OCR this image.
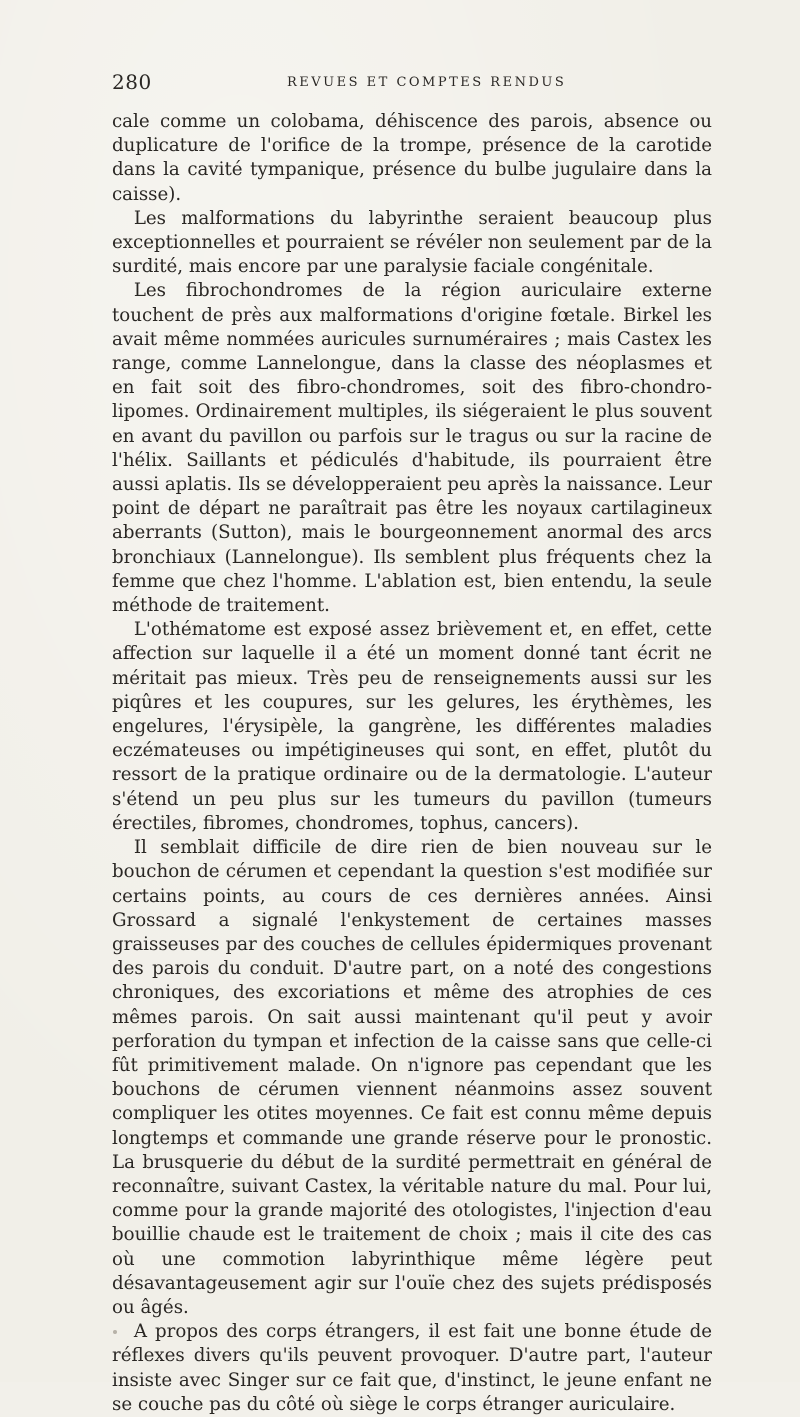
280	REVUES ET COMPTES RENDUS

cale comme un colobama, déhiscence des parois, absence ou duplicature de l'orifice de la trompe, présence de la carotide dans la cavité tympanique, présence du bulbe jugulaire dans la caisse).

Les malformations du labyrinthe seraient beaucoup plus exceptionnelles et pourraient se révéler non seulement par de la surdité, mais encore par une paralysie faciale congénitale.

Les fibrochondromes de la région auriculaire externe touchent de près aux malformations d'origine fœtale. Birkel les avait même nommées auricules surnuméraires ; mais Castex les range, comme Lannelongue, dans la classe des néoplasmes et en fait soit des fibro-chondromes, soit des fibro-chondro-lipomes. Ordinairement multiples, ils siégeraient le plus souvent en avant du pavillon ou parfois sur le tragus ou sur la racine de l'hélix. Saillants et pédiculés d'habitude, ils pourraient être aussi aplatis. Ils se développeraient peu après la naissance. Leur point de départ ne paraîtrait pas être les noyaux cartilagineux aberrants (Sutton), mais le bourgeonnement anormal des arcs bronchiaux (Lannelongue). Ils semblent plus fréquents chez la femme que chez l'homme. L'ablation est, bien entendu, la seule méthode de traitement.

L'othématome est exposé assez brièvement et, en effet, cette affection sur laquelle il a été un moment donné tant écrit ne méritait pas mieux. Très peu de renseignements aussi sur les piqûres et les coupures, sur les gelures, les érythèmes, les engelures, l'érysipèle, la gangrène, les différentes maladies eczémateuses ou impétigineuses qui sont, en effet, plutôt du ressort de la pratique ordinaire ou de la dermatologie. L'auteur s'étend un peu plus sur les tumeurs du pavillon (tumeurs érectiles, fibromes, chondromes, tophus, cancers).

Il semblait difficile de dire rien de bien nouveau sur le bouchon de cérumen et cependant la question s'est modifiée sur certains points, au cours de ces dernières années. Ainsi Grossard a signalé l'enkystement de certaines masses graisseuses par des couches de cellules épidermiques provenant des parois du conduit. D'autre part, on a noté des congestions chroniques, des excoriations et même des atrophies de ces mêmes parois. On sait aussi maintenant qu'il peut y avoir perforation du tympan et infection de la caisse sans que celle-ci fût primitivement malade. On n'ignore pas cependant que les bouchons de cérumen viennent néanmoins assez souvent compliquer les otites moyennes. Ce fait est connu même depuis longtemps et commande une grande réserve pour le pronostic. La brusquerie du début de la surdité permettrait en général de reconnaître, suivant Castex, la véritable nature du mal. Pour lui, comme pour la grande majorité des otologistes, l'injection d'eau bouillie chaude est le traitement de choix ; mais il cite des cas où une commotion labyrinthique même légère peut désavantageusement agir sur l'ouïe chez des sujets prédisposés ou âgés.

A propos des corps étrangers, il est fait une bonne étude de réflexes divers qu'ils peuvent provoquer. D'autre part, l'auteur insiste avec Singer sur ce fait que, d'instinct, le jeune enfant ne se couche pas du côté où siège le corps étranger auriculaire.
